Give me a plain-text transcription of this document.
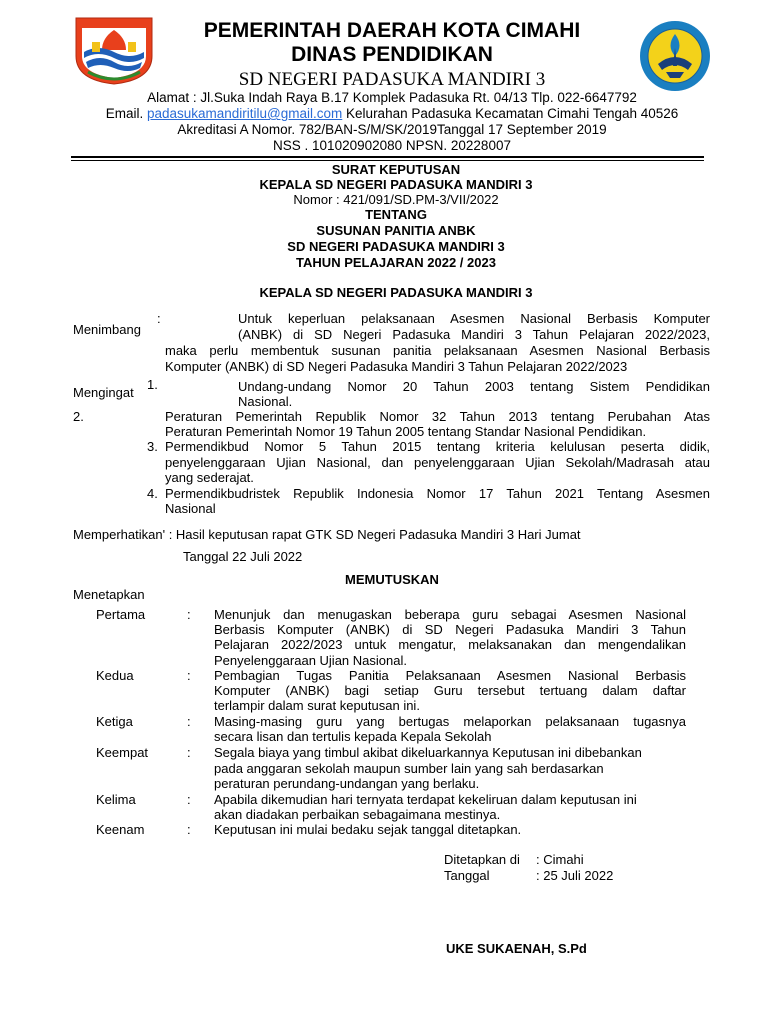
CIMAHI
PEMERINTAH DAERAH KOTA CIMAHI
DINAS PENDIDIKAN
SD NEGERI PADASUKA MANDIRI 3
Alamat : Jl.Suka Indah Raya B.17 Komplek Padasuka Rt. 04/13 Tlp. 022-6647792
Email. padasukamandiritilu@gmail.com Kelurahan Padasuka Kecamatan Cimahi Tengah 40526
Akreditasi A Nomor. 782/BAN-S/M/SK/2019Tanggal 17 September 2019
NSS . 101020902080 NPSN. 20228007
SURAT KEPUTUSAN
KEPALA SD NEGERI PADASUKA MANDIRI 3
Nomor : 421/091/SD.PM-3/VII/2022
TENTANG
SUSUNAN PANITIA ANBK
SD NEGERI PADASUKA MANDIRI 3
TAHUN PELAJARAN 2022 / 2023
KEPALA SD NEGERI PADASUKA MANDIRI 3
Menimbang
:	Untuk keperluan pelaksanaan Asesmen Nasional Berbasis Komputer
(ANBK) di SD Negeri Padasuka Mandiri 3 Tahun Pelajaran 2022/2023,
maka perlu membentuk susunan panitia pelaksanaan Asesmen Nasional Berbasis
Komputer (ANBK) di SD Negeri Padasuka Mandiri 3 Tahun Pelajaran 2022/2023
Mengingat
1.	Undang-undang Nomor 20 Tahun 2003 tentang Sistem Pendidikan
Nasional.
2.	Peraturan Pemerintah Republik Nomor 32 Tahun 2013 tentang Perubahan Atas
Peraturan Pemerintah Nomor 19 Tahun 2005 tentang Standar Nasional Pendidikan.
3. Permendikbud Nomor 5 Tahun 2015 tentang kriteria kelulusan peserta didik,
penyelenggaraan Ujian Nasional, dan penyelenggaraan Ujian Sekolah/Madrasah atau
yang sederajat.
4. Permendikbudristek Republik Indonesia Nomor 17 Tahun 2021 Tentang Asesmen
Nasional
Memperhatikan' : Hasil keputusan rapat GTK SD Negeri Padasuka Mandiri 3 Hari Jumat
Tanggal 22 Juli 2022
MEMUTUSKAN
Menetapkan
Pertama	: Menunjuk dan menugaskan beberapa guru sebagai Asesmen Nasional
Berbasis Komputer (ANBK) di SD Negeri Padasuka Mandiri 3 Tahun
Pelajaran 2022/2023 untuk mengatur, melaksanakan dan mengendalikan
Penyelenggaraan Ujian Nasional.
Kedua	: Pembagian Tugas Panitia Pelaksanaan Asesmen Nasional Berbasis
Komputer (ANBK) bagi setiap Guru tersebut tertuang dalam daftar
terlampir dalam surat keputusan ini.
Ketiga	: Masing-masing guru yang bertugas melaporkan pelaksanaan tugasnya
secara lisan dan tertulis kepada Kepala Sekolah
Keempat	: Segala biaya yang timbul akibat dikeluarkannya Keputusan ini dibebankan
pada anggaran sekolah maupun sumber lain yang sah berdasarkan
peraturan perundang-undangan yang berlaku.
Kelima	: Apabila dikemudian hari ternyata terdapat kekeliruan dalam keputusan ini
akan diadakan perbaikan sebagaimana mestinya.
Keenam	: Keputusan ini mulai bedaku sejak tanggal ditetapkan.
Ditetapkan di : Cimahi
Tanggal	: 25 Juli 2022
UKE SUKAENAH, S.Pd
